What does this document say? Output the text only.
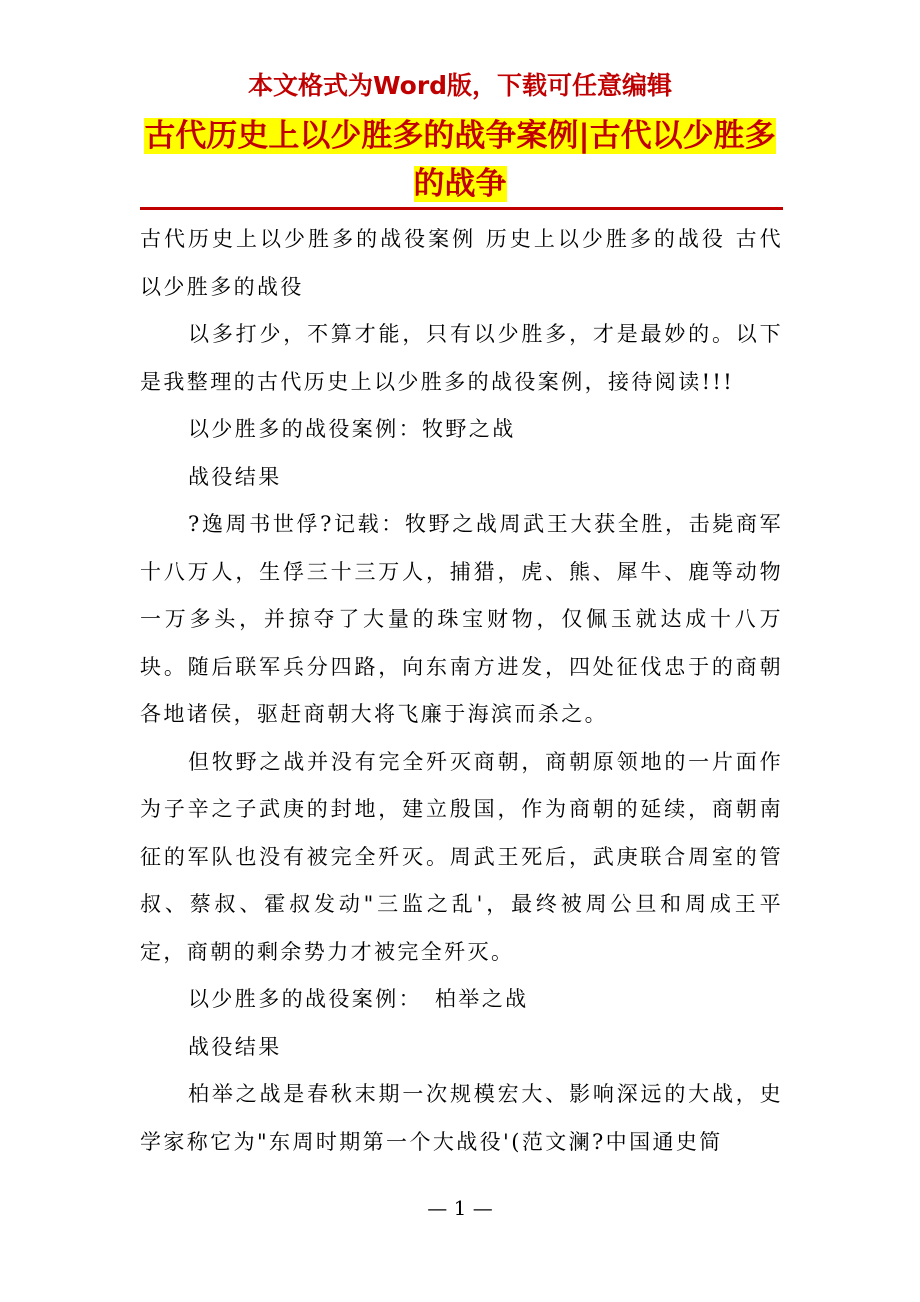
本文格式为Word版，下载可任意编辑
古代历史上以少胜多的战争案例|古代以少胜多的战争

古代历史上以少胜多的战役案例 历史上以少胜多的战役 古代以少胜多的战役

以多打少，不算才能，只有以少胜多，才是最妙的。以下是我整理的古代历史上以少胜多的战役案例，接待阅读!!!

以少胜多的战役案例：牧野之战

战役结果

?逸周书世俘?记载：牧野之战周武王大获全胜，击毙商军十八万人，生俘三十三万人，捕猎，虎、熊、犀牛、鹿等动物一万多头，并掠夺了大量的珠宝财物，仅佩玉就达成十八万块。随后联军兵分四路，向东南方进发，四处征伐忠于的商朝各地诸侯，驱赶商朝大将飞廉于海滨而杀之。

但牧野之战并没有完全歼灭商朝，商朝原领地的一片面作为子辛之子武庚的封地，建立殷国，作为商朝的延续，商朝南征的军队也没有被完全歼灭。周武王死后，武庚联合周室的管叔、蔡叔、霍叔发动"三监之乱'，最终被周公旦和周成王平定，商朝的剩余势力才被完全歼灭。

以少胜多的战役案例：　柏举之战

战役结果

柏举之战是春秋末期一次规模宏大、影响深远的大战，史学家称它为"东周时期第一个大战役'(范文澜?中国通史简

— 1 —
